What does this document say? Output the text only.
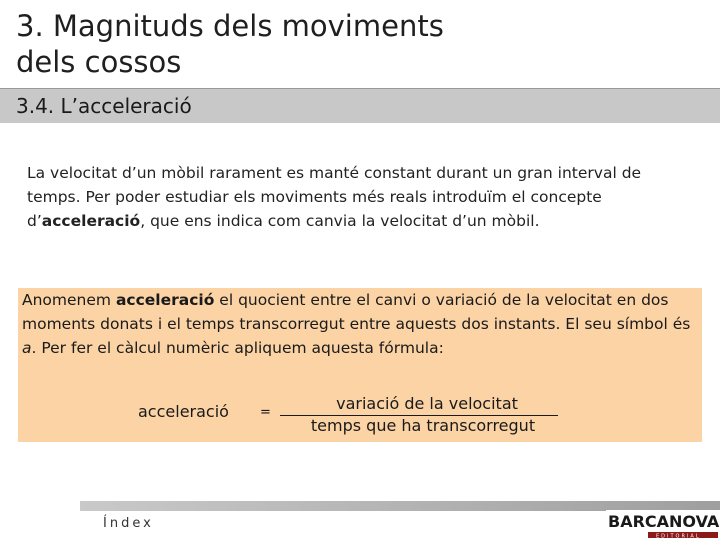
3. Magnituds dels moviments
dels cossos
3.4. L’acceleració
La velocitat d’un mòbil rarament es manté constant durant un gran interval de temps. Per poder estudiar els moviments més reals introduïm el concepte d’acceleració, que ens indica com canvia la velocitat d’un mòbil.
Anomenem acceleració el quocient entre el canvi o variació de la velocitat en dos moments donats i el temps transcorregut entre aquests dos instants. El seu símbol és a. Per fer el càlcul numèric apliquem aquesta fórmula:
acceleració =	variació de la velocitat
temps que ha transcorregut
Índex	BARCANOVA
EDITORIAL
